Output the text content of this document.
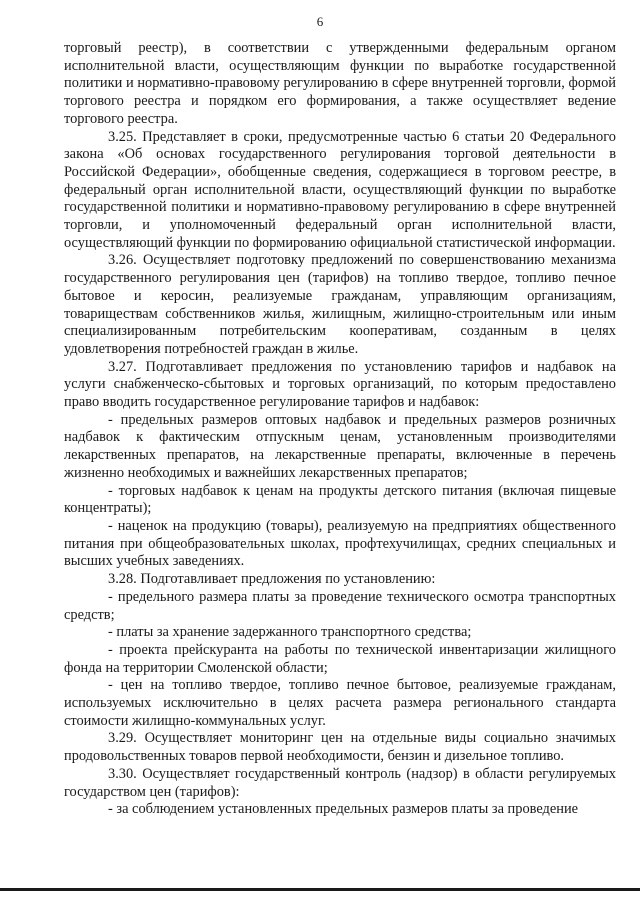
6

торговый реестр), в соответствии с утвержденными федеральным органом исполнительной власти, осуществляющим функции по выработке государственной политики и нормативно-правовому регулированию в сфере внутренней торговли, формой торгового реестра и порядком его формирования, а также осуществляет ведение торгового реестра.

3.25. Представляет в сроки, предусмотренные частью 6 статьи 20 Федерального закона «Об основах государственного регулирования торговой деятельности в Российской Федерации», обобщенные сведения, содержащиеся в торговом реестре, в федеральный орган исполнительной власти, осуществляющий функции по выработке государственной политики и нормативно-правовому регулированию в сфере внутренней торговли, и уполномоченный федеральный орган исполнительной власти, осуществляющий функции по формированию официальной статистической информации.

3.26. Осуществляет подготовку предложений по совершенствованию механизма государственного регулирования цен (тарифов) на топливо твердое, топливо печное бытовое и керосин, реализуемые гражданам, управляющим организациям, товариществам собственников жилья, жилищным, жилищно-строительным или иным специализированным потребительским кооперативам, созданным в целях удовлетворения потребностей граждан в жилье.

3.27. Подготавливает предложения по установлению тарифов и надбавок на услуги снабженческо-сбытовых и торговых организаций, по которым предоставлено право вводить государственное регулирование тарифов и надбавок:

- предельных размеров оптовых надбавок и предельных размеров розничных надбавок к фактическим отпускным ценам, установленным производителями лекарственных препаратов, на лекарственные препараты, включенные в перечень жизненно необходимых и важнейших лекарственных препаратов;

- торговых надбавок к ценам на продукты детского питания (включая пищевые концентраты);

- наценок на продукцию (товары), реализуемую на предприятиях общественного питания при общеобразовательных школах, профтехучилищах, средних специальных и высших учебных заведениях.

3.28. Подготавливает предложения по установлению:

- предельного размера платы за проведение технического осмотра транспортных средств;

- платы за хранение задержанного транспортного средства;

- проекта прейскуранта на работы по технической инвентаризации жилищного фонда на территории Смоленской области;

- цен на топливо твердое, топливо печное бытовое, реализуемые гражданам, используемых исключительно в целях расчета размера регионального стандарта стоимости жилищно-коммунальных услуг.

3.29. Осуществляет мониторинг цен на отдельные виды социально значимых продовольственных товаров первой необходимости, бензин и дизельное топливо.

3.30. Осуществляет государственный контроль (надзор) в области регулируемых государством цен (тарифов):

- за соблюдением установленных предельных размеров платы за проведение
